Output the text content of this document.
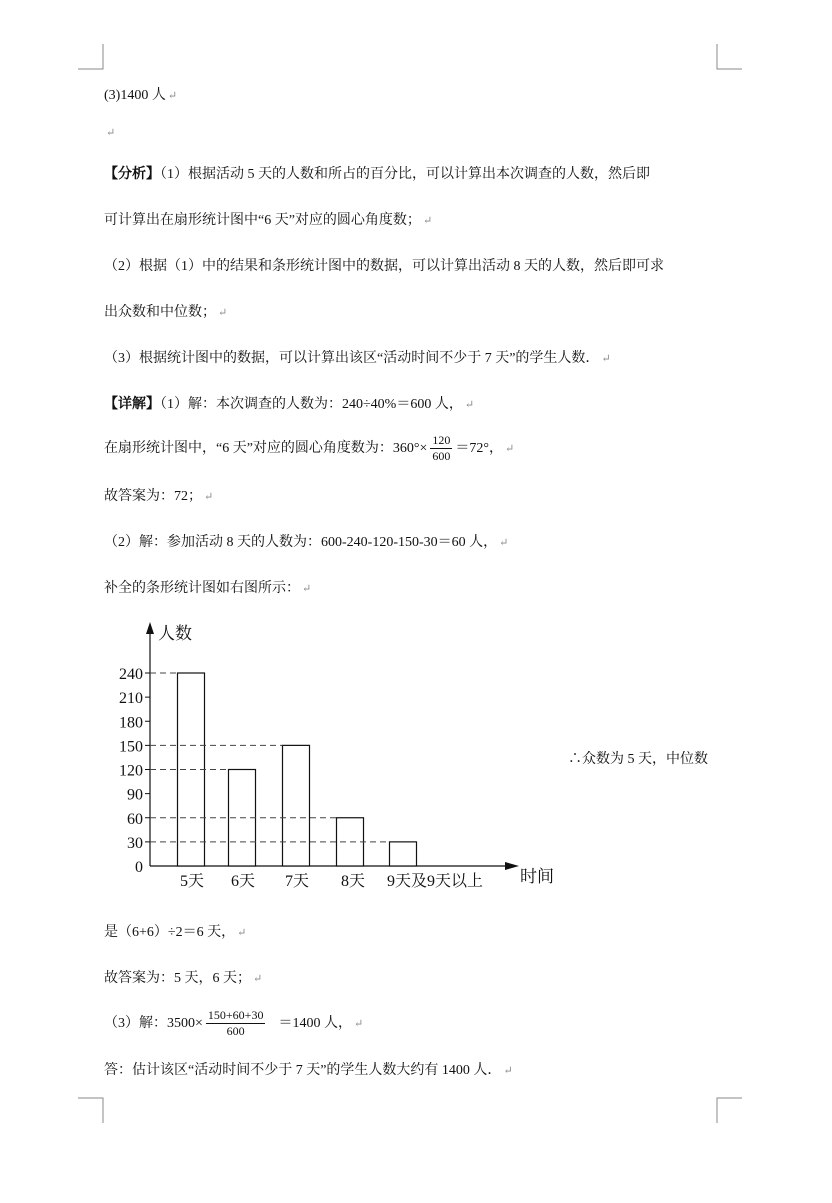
(3)1400 人 ↵
↵
【分析】（1）根据活动 5 天的人数和所占的百分比，可以计算出本次调查的人数，然后即
可计算出在扇形统计图中“6 天”对应的圆心角度数； ↵
（2）根据（1）中的结果和条形统计图中的数据，可以计算出活动 8 天的人数，然后即可求
出众数和中位数； ↵
（3）根据统计图中的数据，可以计算出该区“活动时间不少于 7 天”的学生人数． ↵
【详解】（1）解：本次调查的人数为：240÷40%＝600 人， ↵
在扇形统计图中，“6 天”对应的圆心角度数为：$360^\circ\times \frac{120}{600} =72^\circ$， ↵
故答案为：72； ↵
（2）解：参加活动 8 天的人数为：600-240-120-150-30＝60 人， ↵
补全的条形统计图如右图所示： ↵
人数
时间
0
30
60
90
120
150
180
210
240
5天 6天 7天 8天 9天及9天以上
∴众数为 5 天，中位数
是（6+6）÷2＝6 天， ↵
故答案为：5 天，6 天； ↵
（3）解：$3500\times \frac{150+60+30}{600} =1400$ 人， ↵
答：估计该区“活动时间不少于 7 天”的学生人数大约有 1400 人． ↵
